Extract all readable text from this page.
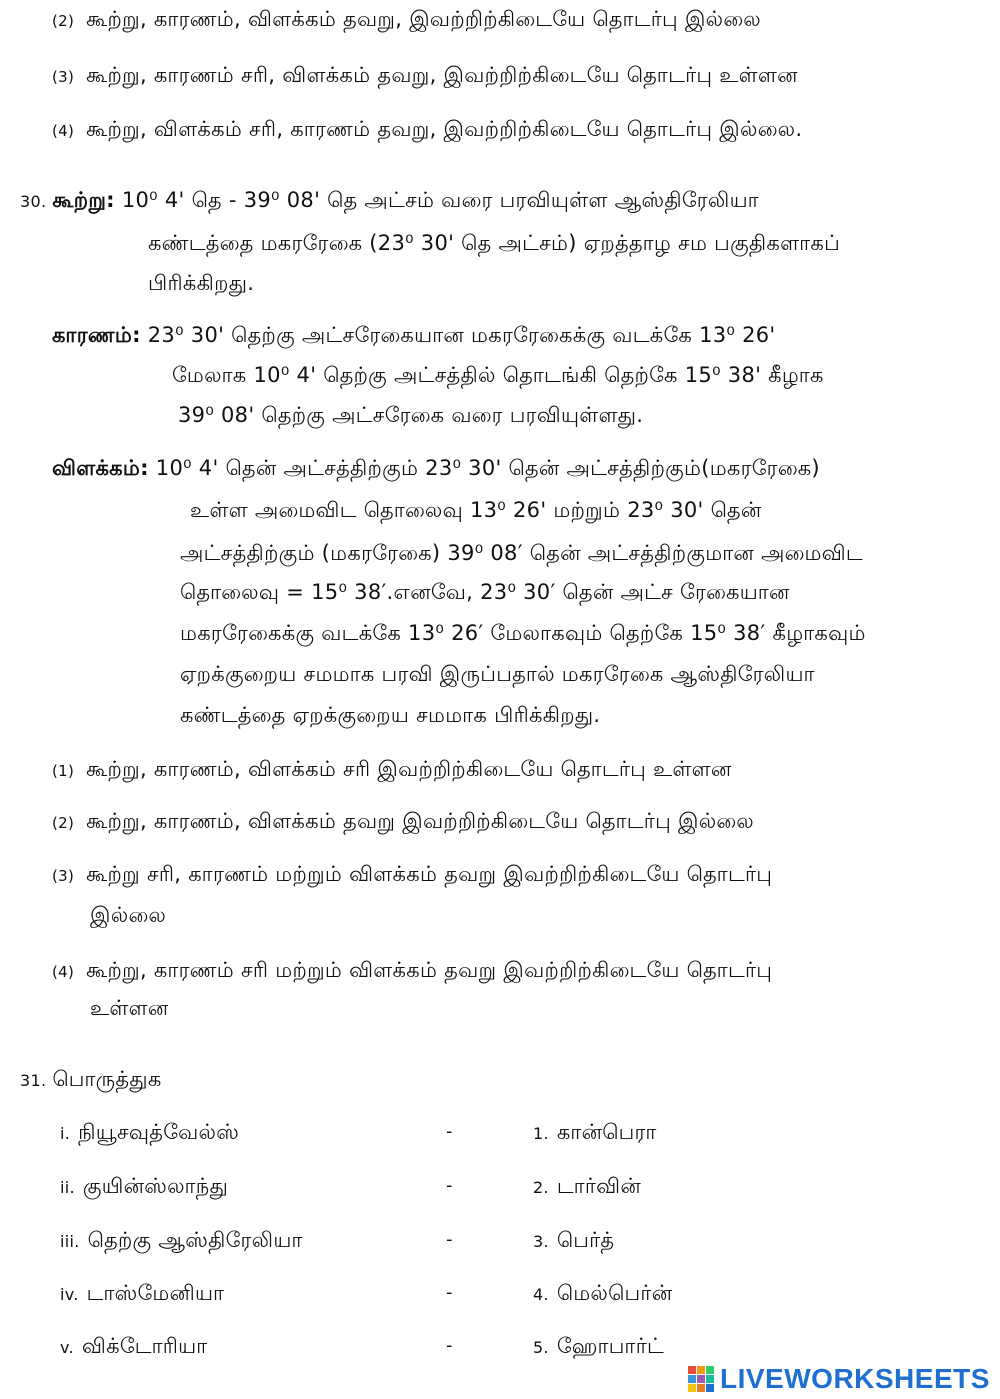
(2) கூற்று, காரணம், விளக்கம் தவறு, இவற்றிற்கிடையே தொடர்பு இல்லை
(3) கூற்று, காரணம் சரி, விளக்கம் தவறு, இவற்றிற்கிடையே தொடர்பு உள்ளன
(4) கூற்று, விளக்கம் சரி, காரணம் தவறு, இவற்றிற்கிடையே தொடர்பு இல்லை.
30. கூற்று: 10⁰ 4' தெ - 39⁰ 08' தெ அட்சம் வரை பரவியுள்ள ஆஸ்திரேலியா
கண்டத்தை மகரரேகை (23⁰ 30' தெ அட்சம்) ஏறத்தாழ சம பகுதிகளாகப்
பிரிக்கிறது.
காரணம்: 23⁰ 30' தெற்கு அட்சரேகையான மகரரேகைக்கு வடக்கே 13⁰ 26'
மேலாக 10⁰ 4' தெற்கு அட்சத்தில் தொடங்கி தெற்கே 15⁰ 38' கீழாக
39⁰ 08' தெற்கு அட்சரேகை வரை பரவியுள்ளது.
விளக்கம்: 10⁰ 4' தென் அட்சத்திற்கும் 23⁰ 30' தென் அட்சத்திற்கும்(மகரரேகை)
உள்ள அமைவிட தொலைவு 13⁰ 26' மற்றும் 23⁰ 30' தென்
அட்சத்திற்கும் (மகரரேகை) 39⁰ 08′ தென் அட்சத்திற்குமான அமைவிட
தொலைவு = 15⁰ 38′.எனவே, 23⁰ 30′ தென் அட்ச ரேகையான
மகரரேகைக்கு வடக்கே 13⁰ 26′ மேலாகவும் தெற்கே 15⁰ 38′ கீழாகவும்
ஏறக்குறைய சமமாக பரவி இருப்பதால் மகரரேகை ஆஸ்திரேலியா
கண்டத்தை ஏறக்குறைய சமமாக பிரிக்கிறது.
(1) கூற்று, காரணம், விளக்கம் சரி இவற்றிற்கிடையே தொடர்பு உள்ளன
(2) கூற்று, காரணம், விளக்கம் தவறு இவற்றிற்கிடையே தொடர்பு இல்லை
(3) கூற்று சரி, காரணம் மற்றும் விளக்கம் தவறு இவற்றிற்கிடையே தொடர்பு
இல்லை
(4) கூற்று, காரணம் சரி மற்றும் விளக்கம் தவறு இவற்றிற்கிடையே தொடர்பு
உள்ளன
31. பொருத்துக
i. நியூசவுத்வேல்ஸ்	-	1. கான்பெரா
ii. குயின்ஸ்லாந்து	-	2. டார்வின்
iii. தெற்கு ஆஸ்திரேலியா	-	3. பெர்த்
iv. டாஸ்மேனியா	-	4. மெல்பெர்ன்
v. விக்டோரியா	-	5. ஹோபார்ட்
LIVEWORKSHEETS
